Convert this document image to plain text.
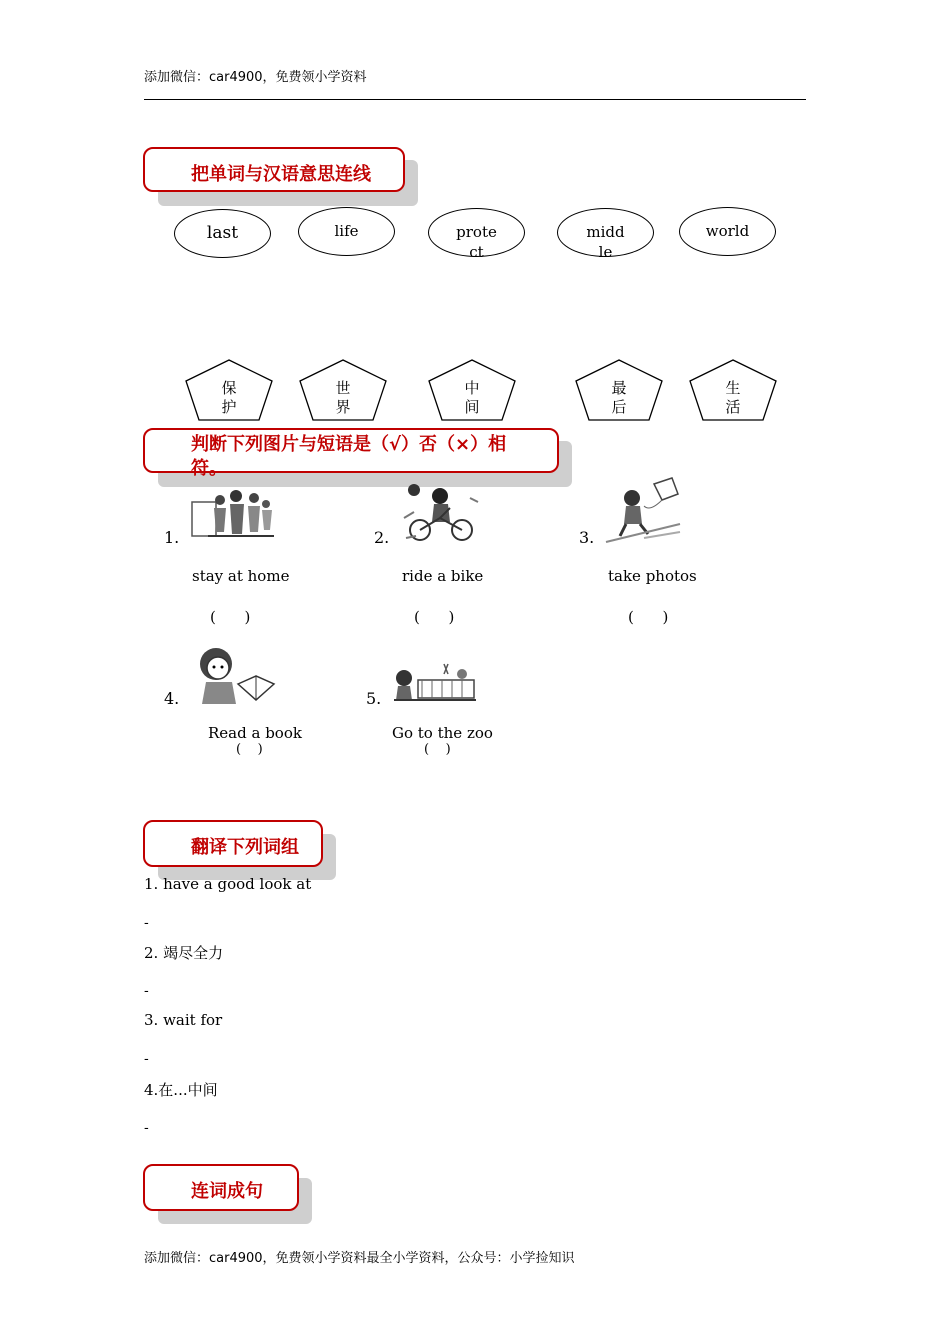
添加微信：car4900，免费领小学资料
把单词与汉语意思连线
last	life	protect
middle
world
保护
世界
中间
最后
生活
判断下列图片与短语是（√）否（×）相符。
1.
stay at home
(      )
2.
ride a bike
(      )
3.
take photos
(      )
4.
Read a book
(    )
5.
Go to the zoo
(    )
翻译下列词组
1. have a good look at
-
2. 竭尽全力
-
3. wait for
-
4.在...中间
-
连词成句
添加微信：car4900，免费领小学资料最全小学资料，公众号：小学捡知识
